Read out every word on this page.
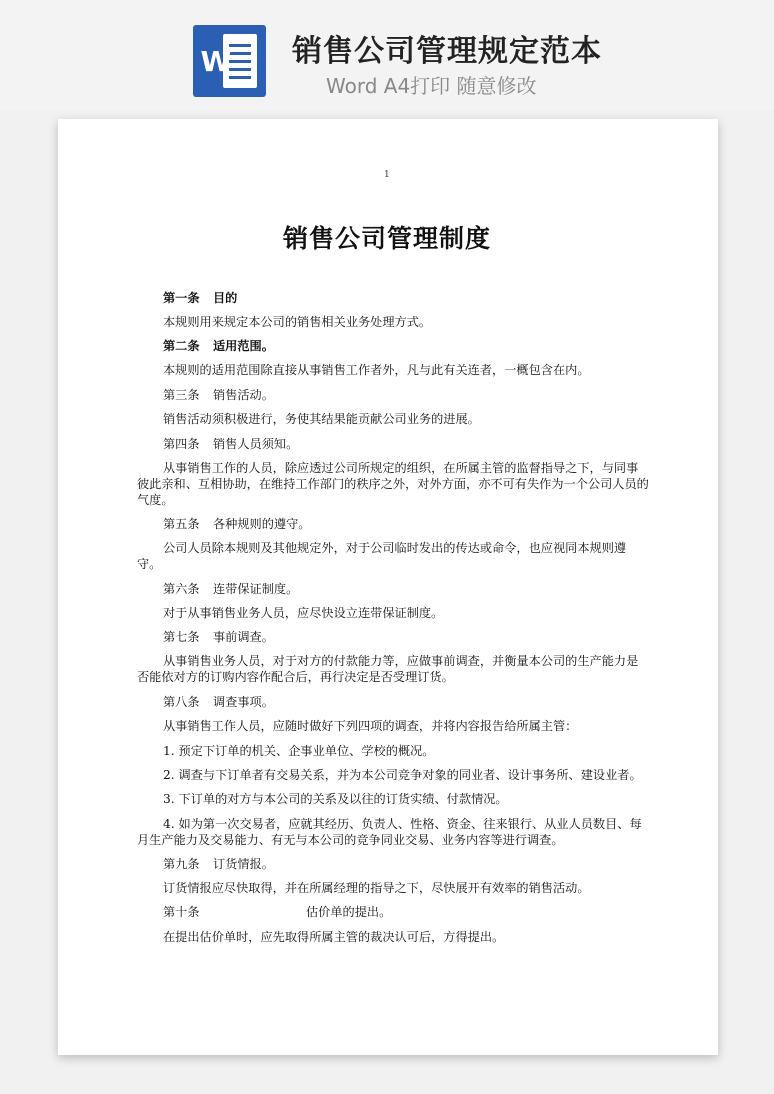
W 销售公司管理规定范本
Word A4打印 随意修改
1
销售公司管理制度
第一条 目的
本规则用来规定本公司的销售相关业务处理方式。
第二条 适用范围。
本规则的适用范围除直接从事销售工作者外，凡与此有关连者，一概包含在内。
第三条 销售活动。
销售活动须积极进行，务使其结果能贡献公司业务的进展。
第四条 销售人员须知。
从事销售工作的人员，除应透过公司所规定的组织，在所属主管的监督指导之下，与同事
彼此亲和、互相协助，在维持工作部门的秩序之外，对外方面，亦不可有失作为一个公司人员的
气度。
第五条 各种规则的遵守。
公司人员除本规则及其他规定外，对于公司临时发出的传达或命令，也应视同本规则遵
守。
第六条 连带保证制度。
对于从事销售业务人员，应尽快设立连带保证制度。
第七条 事前调查。
从事销售业务人员，对于对方的付款能力等，应做事前调查，并衡量本公司的生产能力是
否能依对方的订购内容作配合后，再行决定是否受理订货。
第八条 调查事项。
从事销售工作人员，应随时做好下列四项的调查，并将内容报告给所属主管：
1. 预定下订单的机关、企事业单位、学校的概况。
2. 调查与下订单者有交易关系，并为本公司竞争对象的同业者、设计事务所、建设业者。
3. 下订单的对方与本公司的关系及以往的订货实绩、付款情况。
4. 如为第一次交易者，应就其经历、负责人、性格、资金、往来银行、从业人员数目、每
月生产能力及交易能力、有无与本公司的竞争同业交易、业务内容等进行调查。
第九条 订货情报。
订货情报应尽快取得，并在所属经理的指导之下，尽快展开有效率的销售活动。
第十条	估价单的提出。
在提出估价单时，应先取得所属主管的裁决认可后，方得提出。
